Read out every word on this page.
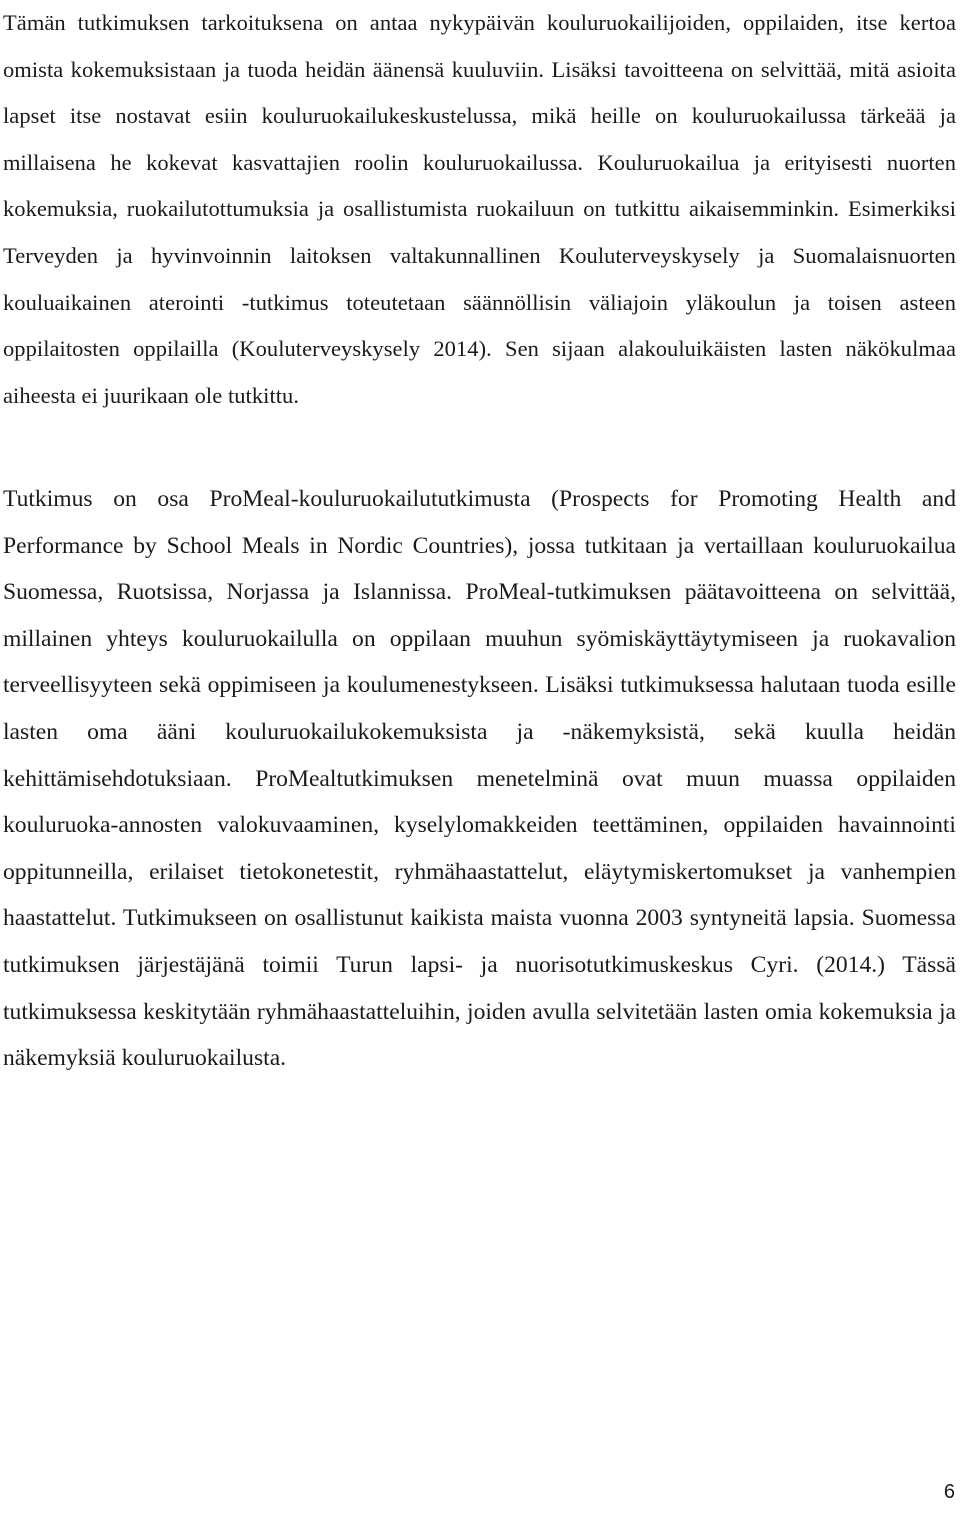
Tämän tutkimuksen tarkoituksena on antaa nykypäivän kouluruokailijoiden, oppilaiden, itse kertoa omista kokemuksistaan ja tuoda heidän äänensä kuuluviin. Lisäksi tavoitteena on selvittää, mitä asioita lapset itse nostavat esiin kouluruokailukeskustelussa, mikä heille on kouluruokailussa tärkeää ja millaisena he kokevat kasvattajien roolin kouluruokailussa. Kouluruokailua ja erityisesti nuorten kokemuksia, ruokailutottumuksia ja osallistumista ruokailuun on tutkittu aikaisemminkin. Esimerkiksi Terveyden ja hyvinvoinnin laitoksen valtakunnallinen Kouluterveyskysely ja Suomalaisnuorten kouluaikainen aterointi -tutkimus toteutetaan säännöllisin väliajoin yläkoulun ja toisen asteen oppilaitosten oppilailla (Kouluterveyskysely 2014). Sen sijaan alakouluikäisten lasten näkökulmaa aiheesta ei juurikaan ole tutkittu.

Tutkimus on osa ProMeal-kouluruokailututkimusta (Prospects for Promoting Health and Performance by School Meals in Nordic Countries), jossa tutkitaan ja vertaillaan kouluruokailua Suomessa, Ruotsissa, Norjassa ja Islannissa. ProMeal-tutkimuksen päätavoitteena on selvittää, millainen yhteys kouluruokailulla on oppilaan muuhun syömiskäyttäytymiseen ja ruokavalion terveellisyyteen sekä oppimiseen ja koulumenestykseen. Lisäksi tutkimuksessa halutaan tuoda esille lasten oma ääni kouluruokailukokemuksista ja -näkemyksistä, sekä kuulla heidän kehittämisehdotuksiaan. ProMealtutkimuksen menetelminä ovat muun muassa oppilaiden kouluruoka-annosten valokuvaaminen, kyselylomakkeiden teettäminen, oppilaiden havainnointi oppitunneilla, erilaiset tietokonetestit, ryhmähaastattelut, eläytymiskertomukset ja vanhempien haastattelut. Tutkimukseen on osallistunut kaikista maista vuonna 2003 syntyneitä lapsia. Suomessa tutkimuksen järjestäjänä toimii Turun lapsi- ja nuorisotutkimuskeskus Cyri. (2014.) Tässä tutkimuksessa keskitytään ryhmähaastatteluihin, joiden avulla selvitetään lasten omia kokemuksia ja näkemyksiä kouluruokailusta.

6
